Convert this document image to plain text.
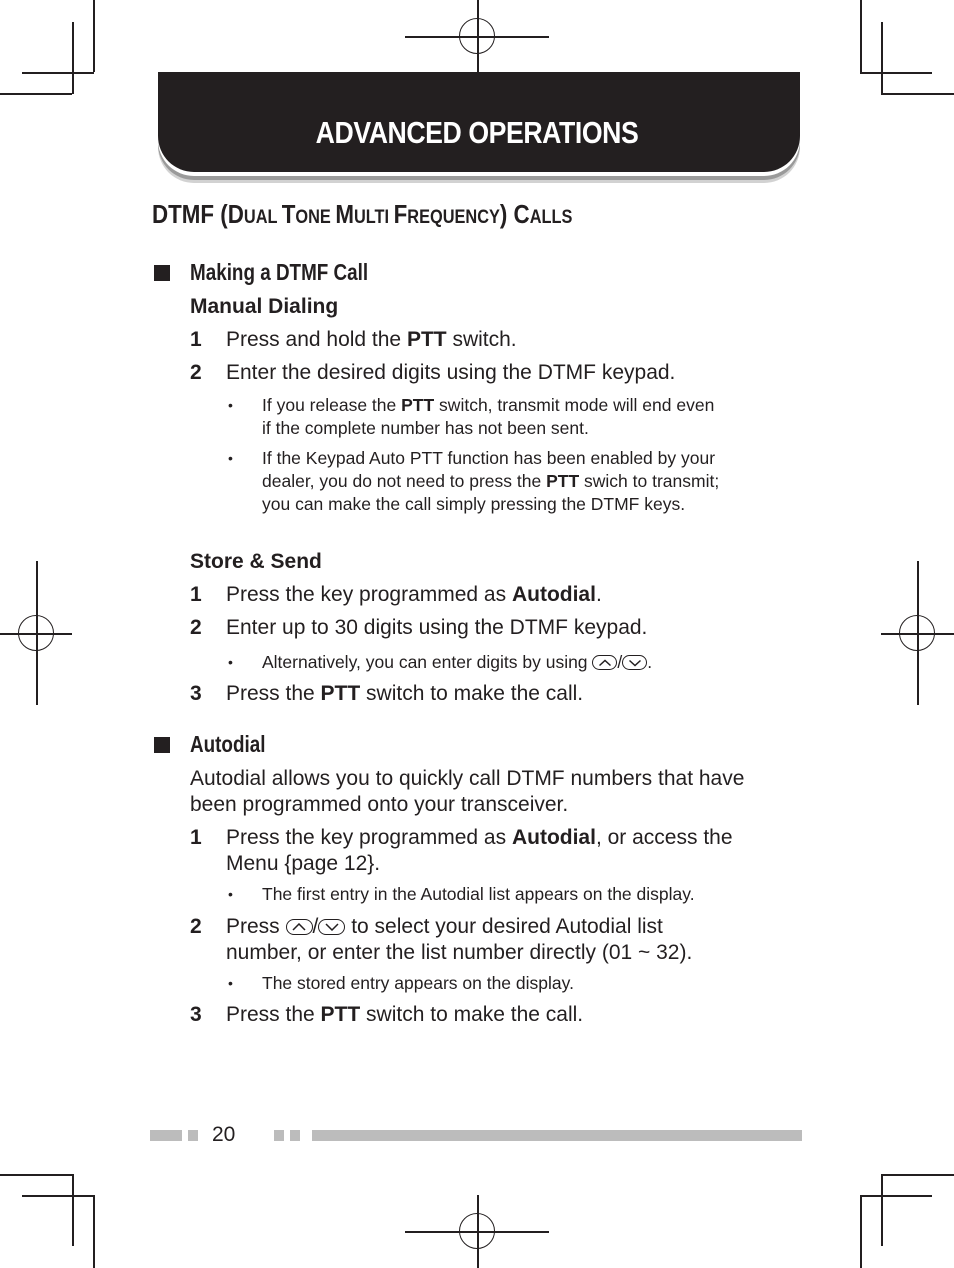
ADVANCED OPERATIONS
DTMF (DUAL TONE MULTI FREQUENCY) CALLS
Making a DTMF Call
Manual Dialing
1 Press and hold the PTT switch.
2 Enter the desired digits using the DTMF keypad.
• If you release the PTT switch, transmit mode will end even
if the complete number has not been sent.
• If the Keypad Auto PTT function has been enabled by your
dealer, you do not need to press the PTT swich to transmit;
you can make the call simply pressing the DTMF keys.
Store & Send
1 Press the key programmed as Autodial.
2 Enter up to 30 digits using the DTMF keypad.
• Alternatively, you can enter digits by using
/ .
3 Press the PTT switch to make the call.
Autodial
Autodial allows you to quickly call DTMF numbers that have
been programmed onto your transceiver.
1 Press the key programmed as Autodial, or access the
Menu {page 12}.
• The first entry in the Autodial list appears on the display.
2 Press
/
to select your desired Autodial list
number, or enter the list number directly (01 ~ 32).
• The stored entry appears on the display.
3 Press the PTT switch to make the call.
20
